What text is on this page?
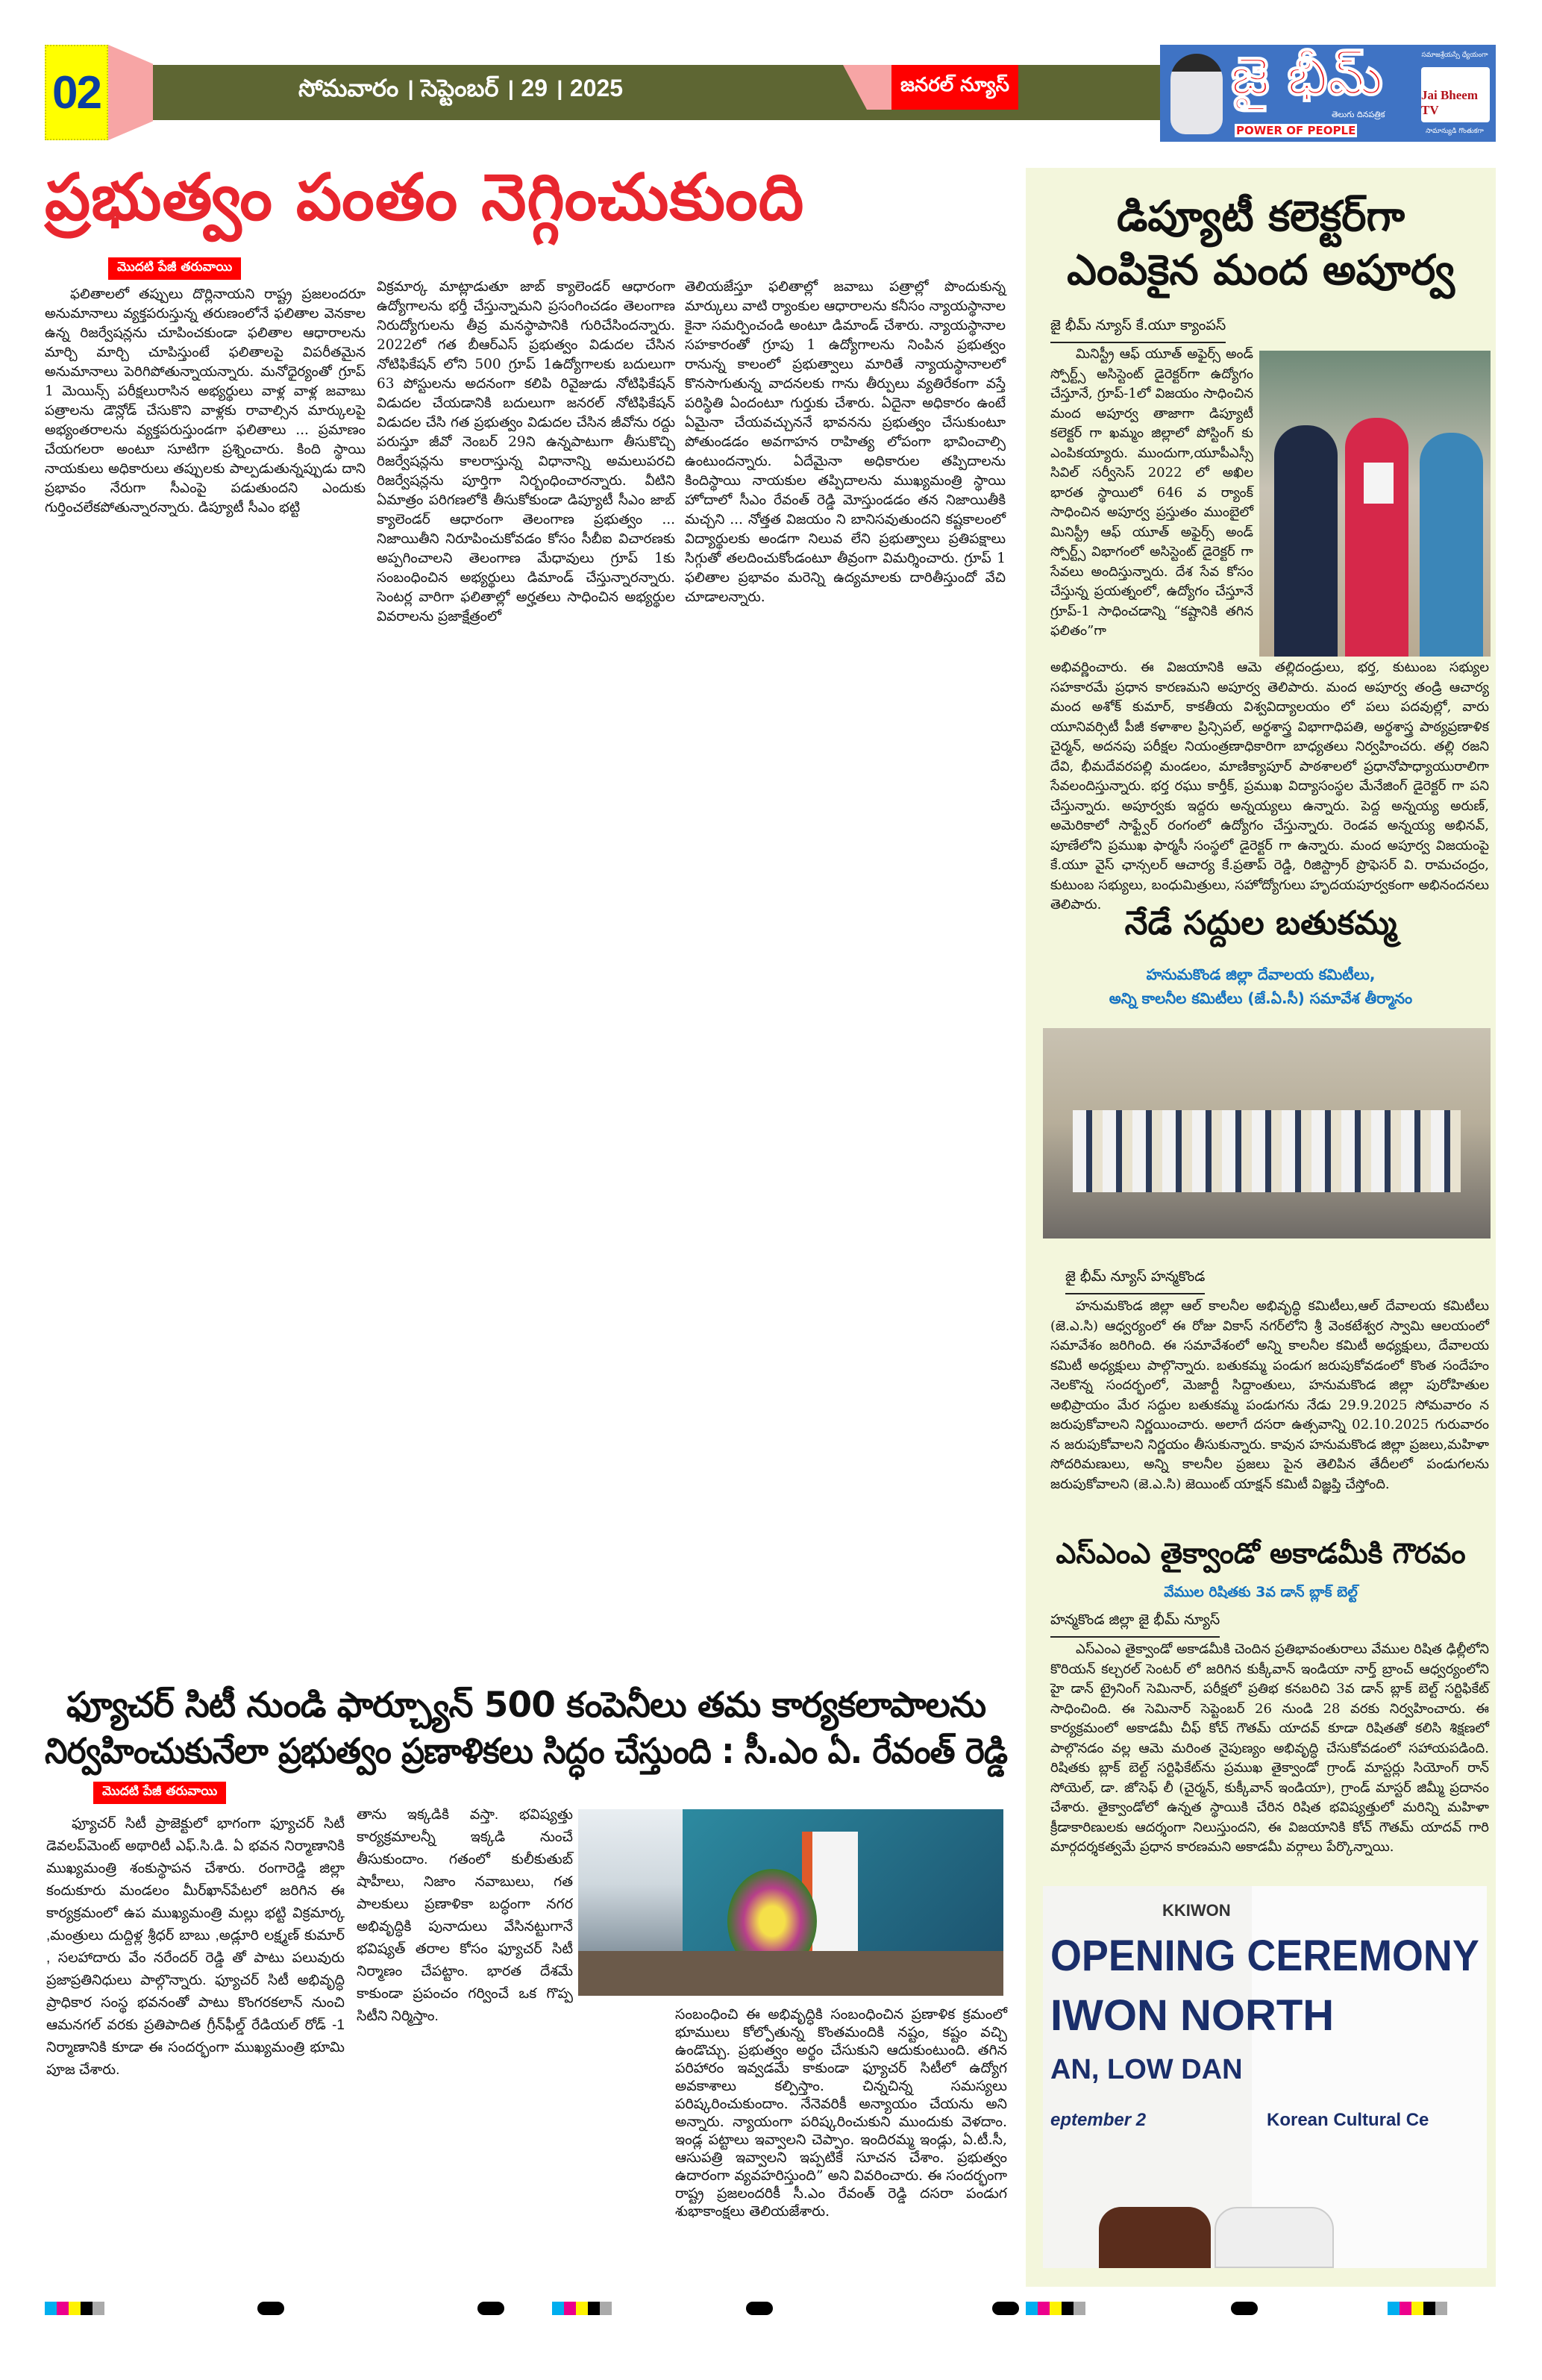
02	సోమవారం । సెప్టెంబర్ । 29 । 2025	జనరల్ న్యూస్	జై భీమ్
తెలుగు దినపత్రిక
POWER OF PEOPLE
సమాజశ్రేయస్సే ధ్యేయంగా
Jai Bheem TV
సామాన్యుడి గొంతుకగా
ప్రభుత్వం పంతం నెగ్గించుకుంది
మొదటి పేజీ తరువాయి

ఫలితాలలో తప్పులు దొర్లినాయని రాష్ట్ర ప్రజలందరూ అనుమానాలు వ్యక్తపరుస్తున్న తరుణంలోనే ఫలితాల వెనకాల ఉన్న రిజర్వేషన్లను చూపించకుండా ఫలితాల ఆధారాలను మార్చి మార్చి చూపిస్తుంటే ఫలితాలపై విపరీతమైన అనుమానాలు పెరిగిపోతున్నాయన్నారు. మనోధైర్యంతో గ్రూప్ 1 మెయిన్స్ పరీక్షలురాసిన అభ్యర్థులు వాళ్ల వాళ్ల జవాబు పత్రాలను డౌన్లోడ్ చేసుకొని వాళ్లకు రావాల్సిన మార్కులపై అభ్యంతరాలను వ్యక్తపరుస్తుండగా ఫలితాలు ... ప్రమాణం చేయగలరా అంటూ సూటిగా ప్రశ్నించారు. కింది స్థాయి నాయకులు అధికారులు తప్పులకు పాల్పడుతున్నప్పుడు దాని ప్రభావం నేరుగా సీఎంపై పడుతుందని ఎందుకు గుర్తించలేకపోతున్నారన్నారు. డిప్యూటీ సీఎం భట్టి

విక్రమార్క మాట్లాడుతూ జాబ్ క్యాలెండర్ ఆధారంగా ఉద్యోగాలను భర్తీ చేస్తున్నామని ప్రసంగించడం తెలంగాణ నిరుద్యోగులను తీవ్ర మనస్థాపానికి గురిచేసిందన్నారు. 2022లో గత బీఆర్ఎస్ ప్రభుత్వం విడుదల చేసిన నోటిఫికేషన్ లోని 500 గ్రూప్ 1ఉద్యోగాలకు బదులుగా 63 పోస్టులను అదనంగా కలిపి రివైజుడు నోటిఫికేషన్ విడుదల చేయడానికి బదులుగా జనరల్ నోటిఫికేషన్ విడుదల చేసి గత ప్రభుత్వం విడుదల చేసిన జీవోను రద్దు పరుస్తూ జీవో నెంబర్ 29ని ఉన్నపాటుగా తీసుకొచ్చి రిజర్వేషన్లను కాలరాస్తున్న విధానాన్ని అమలుపరచి రిజర్వేషన్లను పూర్తిగా నిర్బంధించారన్నారు. వీటిని ఏమాత్రం పరిగణలోకి తీసుకోకుండా డిప్యూటీ సీఎం జాబ్ క్యాలెండర్ ఆధారంగా తెలంగాణ ప్రభుత్వం ... నిజాయితీని నిరూపించుకోవడం కోసం సీబీఐ విచారణకు అప్పగించాలని తెలంగాణ మేధావులు గ్రూప్ 1కు సంబంధించిన అభ్యర్థులు డిమాండ్ చేస్తున్నారన్నారు. సెంటర్ల వారిగా ఫలితాల్లో అర్హతలు సాధించిన అభ్యర్థుల వివరాలను ప్రజాక్షేత్రంలో

తెలియజేస్తూ ఫలితాల్లో జవాబు పత్రాల్లో పొందుకున్న మార్కులు వాటి ర్యాంకుల ఆధారాలను కనీసం న్యాయస్థానాల కైనా సమర్పించండి అంటూ డిమాండ్ చేశారు. న్యాయస్థానాల సహకారంతో గ్రూపు 1 ఉద్యోగాలను నింపిన ప్రభుత్వం రానున్న కాలంలో ప్రభుత్వాలు మారితే న్యాయస్థానాలలో కొనసాగుతున్న వాదనలకు గాను తీర్పులు వ్యతిరేకంగా వస్తే పరిస్థితి ఏందంటూ గుర్తుకు చేశారు. ఏదైనా అధికారం ఉంటే ఏమైనా చేయవచ్చుననే భావనను ప్రభుత్వం చేసుకుంటూ పోతుండడం అవగాహన రాహిత్య లోపంగా భావించాల్సి ఉంటుందన్నారు. ఏదేమైనా అధికారుల తప్పిదాలను కిందిస్థాయి నాయకుల తప్పిదాలను ముఖ్యమంత్రి స్థాయి హోదాలో సీఎం రేవంత్ రెడ్డి మోస్తుండడం తన నిజాయితీకి మచ్చని ... నోత్తత విజయం ని బానిసవుతుందని కష్టకాలంలో విద్యార్థులకు అండగా నిలువ లేని ప్రభుత్వాలు ప్రతిపక్షాలు సిగ్గుతో తలదించుకోండంటూ తీవ్రంగా విమర్శించారు. గ్రూప్ 1 ఫలితాల ప్రభావం మరెన్ని ఉద్యమాలకు దారితీస్తుందో వేచి చూడాలన్నారు.

ఫ్యూచర్ సిటీ నుండి ఫార్చ్యూన్ 500 కంపెనీలు తమ కార్యకలాపాలను
నిర్వహించుకునేలా ప్రభుత్వం ప్రణాళికలు సిద్ధం చేస్తుంది : సీ.ఎం ఏ. రేవంత్ రెడ్డి
మొదటి పేజీ తరువాయి

ఫ్యూచర్ సిటీ ప్రాజెక్టులో భాగంగా ఫ్యూచర్ సిటీ డెవలప్‌మెంట్ అథారిటీ ఎఫ్.సి.డి. ఏ భవన నిర్మాణానికి ముఖ్యమంత్రి శంకుస్థాపన చేశారు. రంగారెడ్డి జిల్లా కందుకూరు మండలం మీర్‌ఖాన్‌పేటలో జరిగిన ఈ కార్యక్రమంలో ఉప ముఖ్యమంత్రి మల్లు భట్టి విక్రమార్క ,మంత్రులు దుద్దిళ్ల శ్రీధర్ బాబు ,అడ్లూరి లక్ష్మణ్ కుమార్ , సలహాదారు వేం నరేందర్ రెడ్డి తో పాటు పలువురు ప్రజాప్రతినిధులు పాల్గొన్నారు. ఫ్యూచర్ సిటీ అభివృద్ధి ప్రాధికార సంస్థ భవనంతో పాటు కొంగరకలాన్ నుంచి ఆమనగల్ వరకు ప్రతిపాదిత గ్రీన్‌ఫీల్డ్ రేడియల్ రోడ్ -1 నిర్మాణానికి కూడా ఈ సందర్భంగా ముఖ్యమంత్రి భూమి పూజ చేశారు.

తాను ఇక్కడికి వస్తా. భవిష్యత్తు కార్యక్రమాలన్నీ ఇక్కడి నుంచే తీసుకుందాం. గతంలో కులీకుతుబ్ షాహీలు, నిజాం నవాబులు, గత పాలకులు ప్రణాళికా బద్ధంగా నగర అభివృద్ధికి పునాదులు వేసినట్టుగానే భవిష్యత్ తరాల కోసం ఫ్యూచర్ సిటీ నిర్మాణం చేపట్టాం. భారత దేశమే కాకుండా ప్రపంచం గర్వించే ఒక గొప్ప సిటీని నిర్మిస్తాం.	సంబంధించి ఈ అభివృద్ధికి సంబంధించిన ప్రణాళిక క్రమంలో భూములు కోల్పోతున్న కొంతమందికి నష్టం, కష్టం వచ్చి ఉండొచ్చు. ప్రభుత్వం అర్థం చేసుకుని ఆదుకుంటుంది. తగిన పరిహారం ఇవ్వడమే కాకుండా ఫ్యూచర్ సిటీలో ఉద్యోగ అవకాశాలు కల్పిస్తాం. చిన్నచిన్న సమస్యలు పరిష్కరించుకుందాం. నేనెవరికీ అన్యాయం చేయను అని అన్నారు. న్యాయంగా పరిష్కరించుకుని ముందుకు వెళదాం. ఇండ్ల పట్టాలు ఇవ్వాలని చెప్పాం. ఇందిరమ్మ ఇండ్లు, ఏ.టీ.సీ, ఆసుపత్రి ఇవ్వాలని ఇప్పటికే సూచన చేశాం. ప్రభుత్వం ఉదారంగా వ్యవహరిస్తుంది” అని వివరించారు. ఈ సందర్భంగా రాష్ట్ర ప్రజలందరికీ సీ.ఎం రేవంత్ రెడ్డి దసరా పండుగ శుభాకాంక్షలు తెలియజేశారు.

డిప్యూటీ కలెక్టర్‌గా
ఎంపికైన మంద అపూర్వ
జై భీమ్ న్యూస్ కే.యూ క్యాంపస్

మినిస్ట్రీ ఆఫ్ యూత్ అఫైర్స్ అండ్ స్పోర్ట్స్ అసిస్టెంట్ డైరెక్టర్‌గా ఉద్యోగం చేస్తూనే, గ్రూప్-1లో విజయం సాధించిన మంద అపూర్వ తాజాగా డిప్యూటీ కలెక్టర్ గా ఖమ్మం జిల్లాలో పోస్టింగ్ కు ఎంపికయ్యారు. ముందుగా,యూపీఎస్సీ సివిల్ సర్వీసెస్ 2022 లో అఖిల భారత స్థాయిలో 646 వ ర్యాంక్ సాధించిన అపూర్వ ప్రస్తుతం ముంబైలో మినిస్ట్రీ ఆఫ్ యూత్ అఫైర్స్ అండ్ స్పోర్ట్స్ విభాగంలో అసిస్టెంట్ డైరెక్టర్ గా సేవలు అందిస్తున్నారు. దేశ సేవ కోసం చేస్తున్న ప్రయత్నంలో, ఉద్యోగం చేస్తూనే గ్రూప్-1 సాధించడాన్ని “కష్టానికి తగిన ఫలితం”గా

అభివర్ణించారు. ఈ విజయానికి ఆమె తల్లిదండ్రులు, భర్త, కుటుంబ సభ్యుల సహకారమే ప్రధాన కారణమని అపూర్వ తెలిపారు. మంద అపూర్వ తండ్రి ఆచార్య మంద అశోక్ కుమార్, కాకతీయ విశ్వవిద్యాలయం లో పలు పదవుల్లో, వారు యూనివర్సిటీ పీజీ కళాశాల ప్రిన్సిపల్, అర్థశాస్త్ర విభాగాధిపతి, అర్థశాస్త్ర పాఠ్యప్రణాళిక చైర్మన్, అదనపు పరీక్షల నియంత్రణాధికారిగా బాధ్యతలు నిర్వహించరు. తల్లి రజని దేవి, భీమదేవరపల్లి మండలం, మాణిక్యాపూర్ పాఠశాలలో ప్రధానోపాధ్యాయురాలిగా సేవలందిస్తున్నారు. భర్త రఘు కార్తీక్, ప్రముఖ విద్యాసంస్థల మేనేజింగ్ డైరెక్టర్ గా పని చేస్తున్నారు. అపూర్వకు ఇద్దరు అన్నయ్యలు ఉన్నారు. పెద్ద అన్నయ్య అరుణ్, అమెరికాలో సాఫ్ట్వేర్ రంగంలో ఉద్యోగం చేస్తున్నారు. రెండవ అన్నయ్య అభినవ్, పూణేలోని ప్రముఖ ఫార్మసీ సంస్థలో డైరెక్టర్ గా ఉన్నారు. మంద అపూర్వ విజయంపై కే.యూ వైస్ ఛాన్సలర్ ఆచార్య కే.ప్రతాప్ రెడ్డి, రిజిస్ట్రార్ ప్రొఫెసర్ వి. రామచంద్రం, కుటుంబ సభ్యులు, బంధుమిత్రులు, సహోద్యోగులు హృదయపూర్వకంగా అభినందనలు తెలిపారు. నేడే సద్దుల బతుకమ్మ
హనుమకొండ జిల్లా దేవాలయ కమిటీలు,
అన్ని కాలనీల కమిటీలు (జే.ఏ.సీ) సమావేశ తీర్మానం
జై భీమ్ న్యూస్ హన్మకొండ

హనుమకొండ జిల్లా ఆల్ కాలనీల అభివృద్ధి కమిటీలు,ఆల్ దేవాలయ కమిటీలు (జె.ఎ.సి) ఆధ్వర్యంలో ఈ రోజు వికాస్ నగర్‌లోని శ్రీ వెంకటేశ్వర స్వామి ఆలయంలో సమావేశం జరిగింది. ఈ సమావేశంలో అన్ని కాలనీల కమిటీ అధ్యక్షులు, దేవాలయ కమిటీ అధ్యక్షులు పాల్గొన్నారు. బతుకమ్మ పండుగ జరుపుకోవడంలో కొంత సందేహం నెలకొన్న సందర్భంలో, మెజార్టీ సిద్దాంతులు, హనుమకొండ జిల్లా పురోహితుల అభిప్రాయం మేర సద్దుల బతుకమ్మ పండుగను నేడు 29.9.2025 సోమవారం న జరుపుకోవాలని నిర్ణయించారు. అలాగే దసరా ఉత్సవాన్ని 02.10.2025 గురువారం న జరుపుకోవాలని నిర్ణయం తీసుకున్నారు. కావున హనుమకొండ జిల్లా ప్రజలు,మహిళా సోదరిమణులు, అన్ని కాలనీల ప్రజలు పైన తెలిపిన తేదీలలో పండుగలను జరుపుకోవాలని (జె.ఎ.సి) జెయింట్ యాక్షన్ కమిటీ విజ్ఞప్తి చేస్తోంది.

ఎస్ఎంఎ తైక్వాండో అకాడమీకి గౌరవం
వేముల రిషితకు 3వ డాన్ బ్లాక్ బెల్ట్
హన్మకొండ జిల్లా జై భీమ్ న్యూస్

ఎస్ఎంఎ తైక్వాండో అకాడమీకి చెందిన ప్రతిభావంతురాలు వేముల రిషిత ఢిల్లీలోని కొరియన్ కల్చరల్ సెంటర్ లో జరిగిన కుక్కీవాన్ ఇండియా నార్త్ బ్రాంచ్ ఆధ్వర్యంలోని హై డాన్ ట్రైనింగ్ సెమినార్, పరీక్షలో ప్రతిభ కనబరిచి 3వ డాన్ బ్లాక్ బెల్ట్ సర్టిఫికేట్ సాధించింది. ఈ సెమినార్ సెప్టెంబర్ 26 నుండి 28 వరకు నిర్వహించారు. ఈ కార్యక్రమంలో అకాడమీ చీఫ్ కోచ్ గౌతమ్ యాదవ్ కూడా రిషితతో కలిసి శిక్షణలో పాల్గొనడం వల్ల ఆమె మరింత నైపుణ్యం అభివృద్ధి చేసుకోవడంలో సహాయపడింది. రిషితకు బ్లాక్ బెల్ట్ సర్టిఫికేట్‌ను ప్రముఖ తైక్వాండో గ్రాండ్ మాస్టర్లు సియోంగ్ రాన్ సోయెల్, డా. జోసెఫ్ లీ (చైర్మన్, కుక్కీవాన్ ఇండియా), గ్రాండ్ మాస్టర్ జిమ్మీ ప్రదానం చేశారు. తైక్వాండోలో ఉన్నత స్థాయికి చేరిన రిషిత భవిష్యత్తులో మరిన్ని మహిళా క్రీడాకారిణులకు ఆదర్శంగా నిలుస్తుందని, ఈ విజయానికి కోచ్ గౌతమ్ యాదవ్ గారి మార్గదర్శకత్వమే ప్రధాన కారణమని అకాడమీ వర్గాలు పేర్కొన్నాయి.

KKIWON
OPENING CEREMONY
IWON NORTH
AN, LOW DAN
eptember 2	Korean Cultural Ce
